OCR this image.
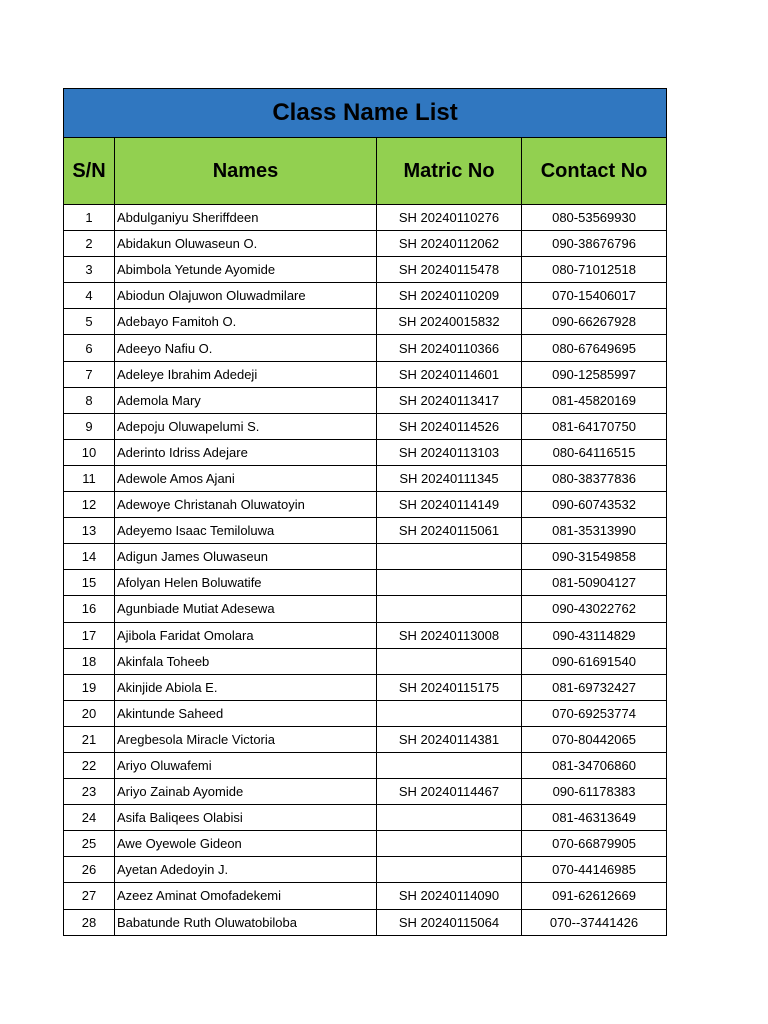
Class Name List			
S/N	Names	Matric No	Contact No
1	Abdulganiyu Sheriffdeen	SH 20240110276	080-53569930
2	Abidakun Oluwaseun O.	SH 20240112062	090-38676796
3	Abimbola Yetunde Ayomide	SH 20240115478	080-71012518
4	Abiodun Olajuwon Oluwadmilare	SH 20240110209	070-15406017
5	Adebayo Famitoh O.	SH 20240015832	090-66267928
6	Adeeyo Nafiu O.	SH 20240110366	080-67649695
7	Adeleye Ibrahim Adedeji	SH 20240114601	090-12585997
8	Ademola Mary	SH 20240113417	081-45820169
9	Adepoju Oluwapelumi S.	SH 20240114526	081-64170750
10	Aderinto Idriss Adejare	SH 20240113103	080-64116515
11	Adewole Amos Ajani	SH 20240111345	080-38377836
12	Adewoye Christanah Oluwatoyin	SH 20240114149	090-60743532
13	Adeyemo Isaac Temiloluwa	SH 20240115061	081-35313990
14	Adigun James Oluwaseun		090-31549858
15	Afolyan Helen Boluwatife		081-50904127
16	Agunbiade Mutiat Adesewa		090-43022762
17	Ajibola Faridat Omolara	SH 20240113008	090-43114829
18	Akinfala Toheeb		090-61691540
19	Akinjide Abiola E.	SH 20240115175	081-69732427
20	Akintunde Saheed		070-69253774
21	Aregbesola Miracle Victoria	SH 20240114381	070-80442065
22	Ariyo Oluwafemi		081-34706860
23	Ariyo Zainab Ayomide	SH 20240114467	090-61178383
24	Asifa Baliqees Olabisi		081-46313649
25	Awe Oyewole Gideon		070-66879905
26	Ayetan Adedoyin J.		070-44146985
27	Azeez Aminat Omofadekemi	SH 20240114090	091-62612669
28	Babatunde Ruth Oluwatobiloba	SH 20240115064	070--37441426
